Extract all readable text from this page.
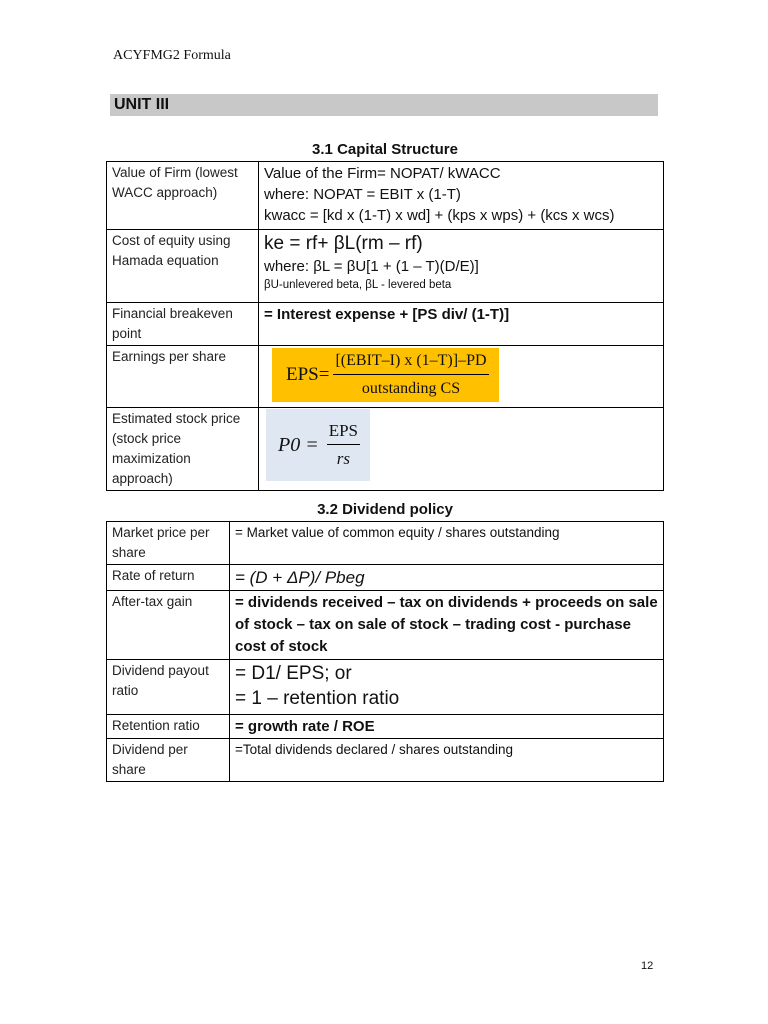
ACYFMG2 Formula
UNIT III
3.1 Capital Structure
Value of Firm (lowest WACC approach)	Value of the Firm= NOPAT/ kWACC
where: NOPAT = EBIT x (1-T)
kwacc = [kd x (1-T) x wd] + (kps x wps) + (kcs x wcs)

Cost of equity using Hamada equation	ke = rf+ βL(rm – rf)
where: βL = βU[1 + (1 – T)(D/E)]
βU-unlevered beta, βL - levered beta

Financial breakeven point	= Interest expense + [PS div/ (1-T)]
Earnings per share	$EPS= \frac{\text{[(EBIT–I) x (1–T)]–PD}}{\text{outstanding CS}}$

Estimated stock price (stock price maximization approach)	$P0 = \frac{\text{EPS}}{rs}$
3.2 Dividend policy
Market price per share	= Market value of common equity / shares outstanding
Rate of return	= (D + ΔP)/ Pbeg
After-tax gain	= dividends received – tax on dividends + proceeds on sale of stock – tax on sale of stock – trading cost - purchase cost of stock
Dividend payout ratio	= D1/ EPS; or
= 1 – retention ratio

Retention ratio	= growth rate / ROE
Dividend per share	=Total dividends declared / shares outstanding
12
